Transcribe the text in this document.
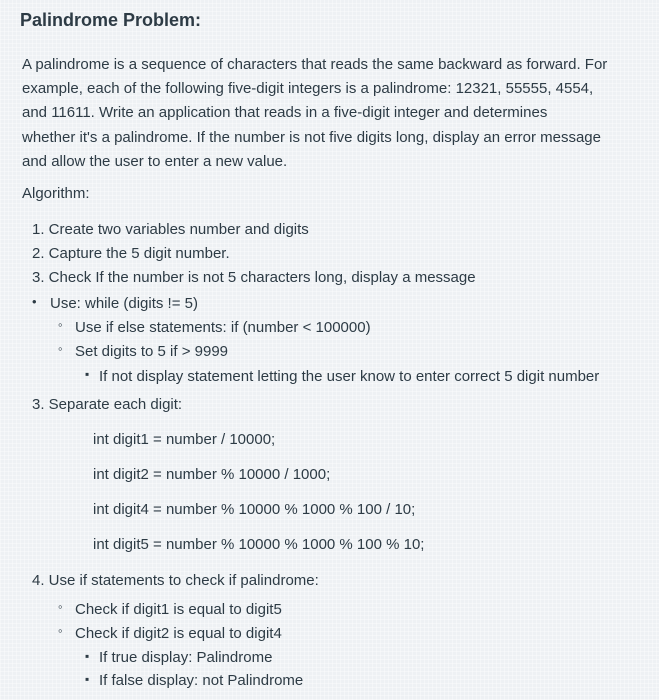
Palindrome Problem:
A palindrome is a sequence of characters that reads the same backward as forward. For
example, each of the following five-digit integers is a palindrome: 12321, 55555, 4554,
and 11611. Write an application that reads in a five-digit integer and determines
whether it's a palindrome. If the number is not five digits long, display an error message
and allow the user to enter a new value.
Algorithm:
1. Create two variables number and digits
2. Capture the 5 digit number.
3. Check If the number is not 5 characters long, display a message
• Use: while (digits != 5)
◦ Use if else statements: if (number < 100000)
◦ Set digits to 5 if > 9999
▪ If not display statement letting the user know to enter correct 5 digit number
3. Separate each digit:
int digit1 = number / 10000;
int digit2 = number % 10000 / 1000;
int digit4 = number % 10000 % 1000 % 100 / 10;
int digit5 = number % 10000 % 1000 % 100 % 10;
4. Use if statements to check if palindrome:
◦ Check if digit1 is equal to digit5
◦ Check if digit2 is equal to digit4
▪ If true display: Palindrome
▪ If false display: not Palindrome
